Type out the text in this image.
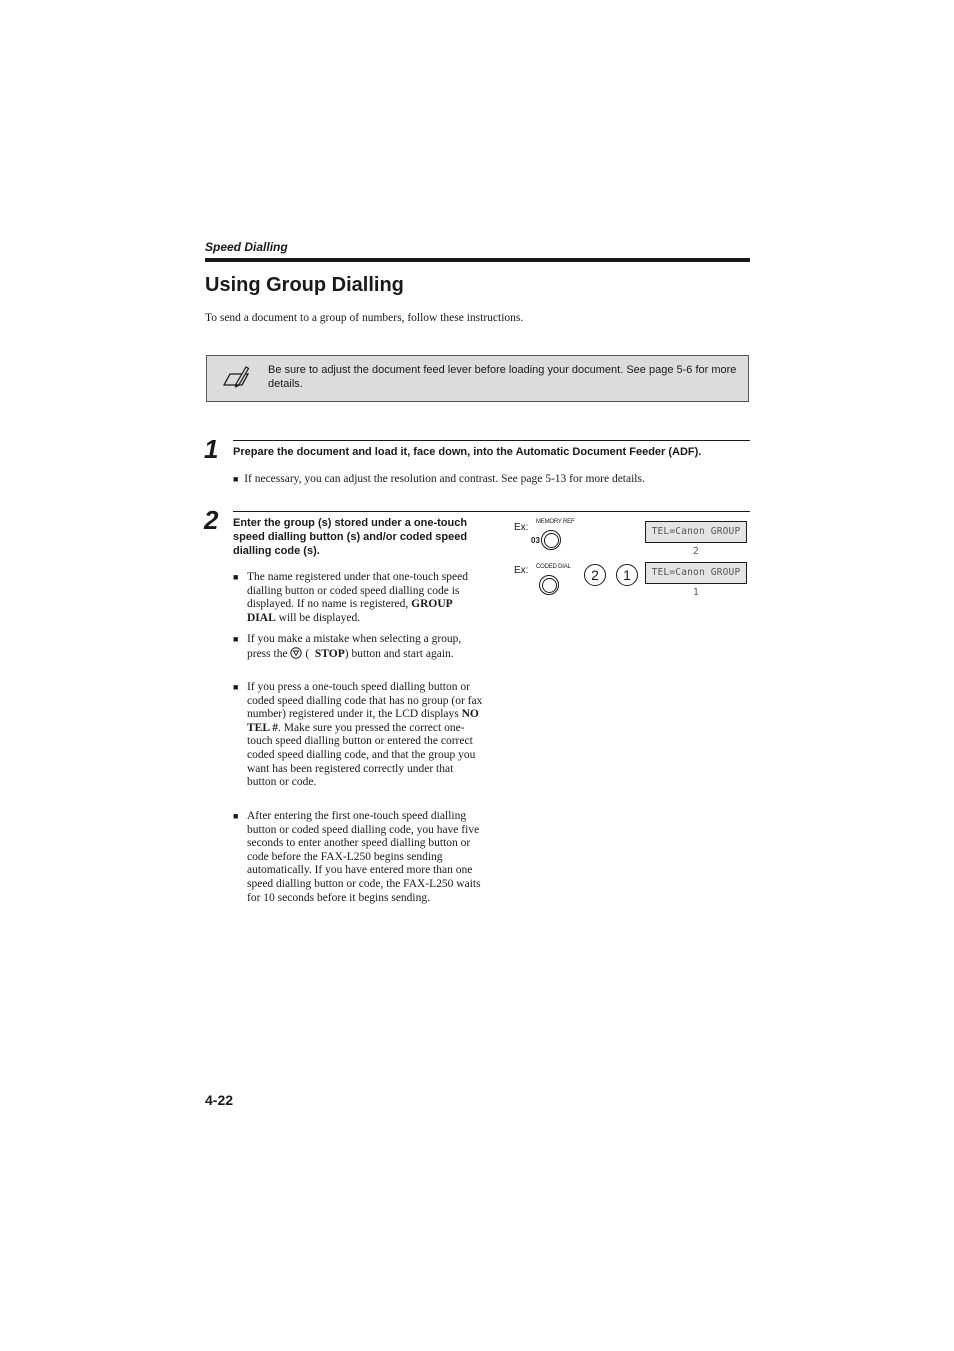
Speed Dialling
Using Group Dialling
To send a document to a group of numbers, follow these instructions.
Be sure to adjust the document feed lever before loading your document. See page 5-6 for more details.
1 Prepare the document and load it, face down, into the Automatic Document Feeder (ADF).
■ If necessary, you can adjust the resolution and contrast. See page 5-13 for more details.
2 Enter the group (s) stored under a one-touch speed dialling button (s) and/or coded speed dialling code (s).
■ The name registered under that one-touch speed dialling button or coded speed dialling code is displayed. If no name is registered, GROUP DIAL will be displayed.
■ If you make a mistake when selecting a group, press the ( STOP) button and start again.
■ If you press a one-touch speed dialling button or coded speed dialling code that has no group (or fax number) registered under it, the LCD displays NO TEL #. Make sure you pressed the correct one-touch speed dialling button or entered the correct coded speed dialling code, and that the group you want has been registered correctly under that button or code.
■ After entering the first one-touch speed dialling button or coded speed dialling code, you have five seconds to enter another speed dialling button or code before the FAX-L250 begins sending automatically. If you have entered more than one speed dialling button or code, the FAX-L250 waits for 10 seconds before it begins sending.
Ex: MEMORY REF
03
TEL=Canon GROUP 2
Ex: CODED DIAL	2	1	TEL=Canon GROUP 1
4-22
